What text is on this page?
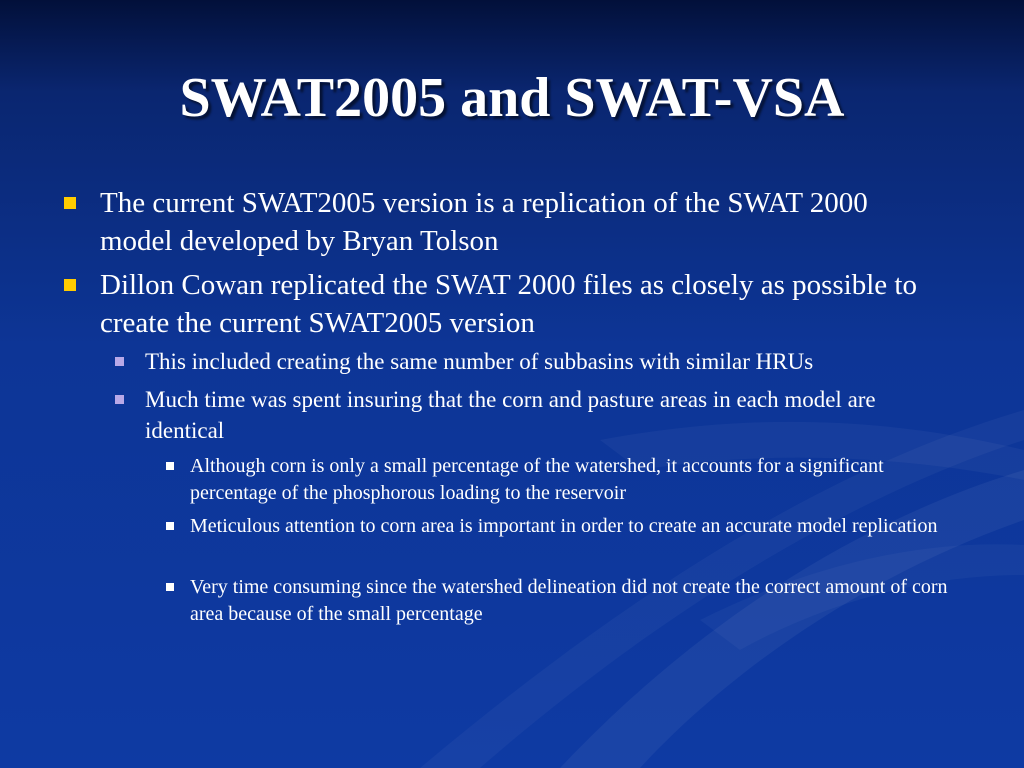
SWAT2005 and SWAT-VSA
The current SWAT2005 version is a replication of the SWAT 2000 model developed by Bryan Tolson
Dillon Cowan replicated the SWAT 2000 files as closely as possible to create the current SWAT2005 version
This included creating the same number of subbasins with similar HRUs
Much time was spent insuring that the corn and pasture areas in each model are identical
Although corn is only a small percentage of the watershed, it accounts for a significant percentage of the phosphorous loading to the reservoir
Meticulous attention to corn area is important in order to create an accurate model replication
Very time consuming since the watershed delineation did not create the correct amount of corn area because of the small percentage
